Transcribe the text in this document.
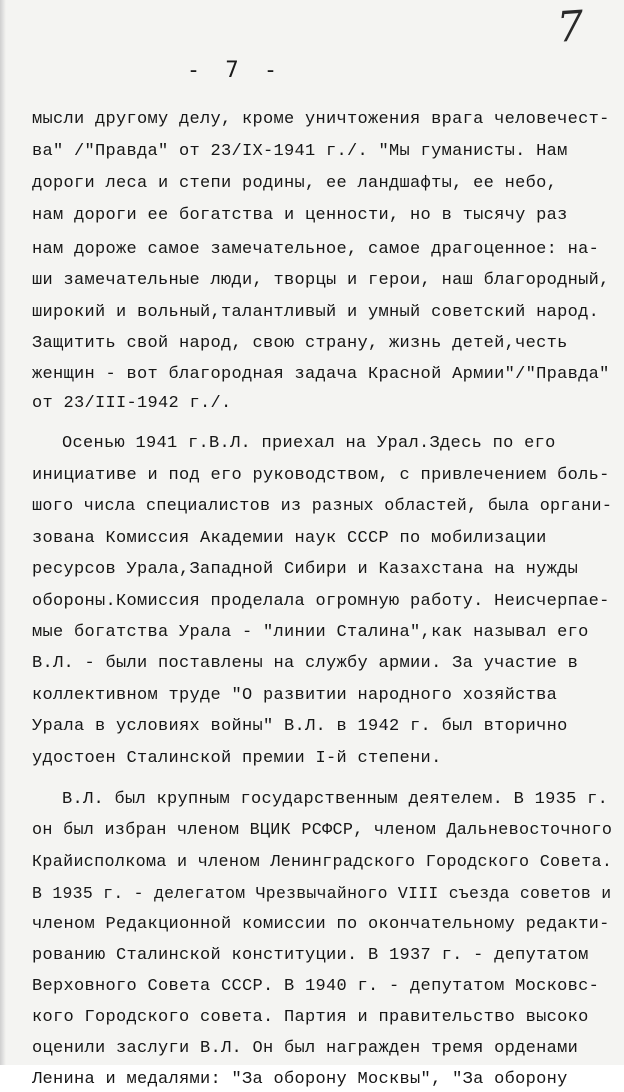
7
- 7 -
мысли другому делу, кроме уничтожения врага человечест-
ва" /"Правда" от 23/IX-1941 г./. "Мы гуманисты. Нам
дороги леса и степи родины, ее ландшафты, ее небо,
нам дороги ее богатства и ценности, но в тысячу раз
нам дороже самое замечательное, самое драгоценное: на-
ши замечательные люди, творцы и герои, наш благородный,
широкий и вольный,талантливый и умный советский народ.
Защитить свой народ, свою страну, жизнь детей,честь
женщин - вот благородная задача Красной Армии"/"Правда"
от 23/III-1942 г./.
Осенью 1941 г.В.Л. приехал на Урал.Здесь по его
инициативе и под его руководством, с привлечением боль-
шого числа специалистов из разных областей, была органи-
зована Комиссия Академии наук СССР по мобилизации
ресурсов Урала,Западной Сибири и Казахстана на нужды
обороны.Комиссия проделала огромную работу. Неисчерпае-
мые богатства Урала - "линии Сталина",как называл его
В.Л. - были поставлены на службу армии. За участие в
коллективном труде "О развитии народного хозяйства
Урала в условиях войны" В.Л. в 1942 г. был вторично
удостоен Сталинской премии I-й степени.
В.Л. был крупным государственным деятелем. В 1935 г.
он был избран членом ВЦИК РСФСР, членом Дальневосточного
Крайисполкома и членом Ленинградского Городского Совета.
В 1935 г. - делегатом Чрезвычайного VIII съезда советов и
членом Редакционной комиссии по окончательному редакти-
рованию Сталинской конституции. В 1937 г. - депутатом
Верховного Совета СССР. В 1940 г. - депутатом Московс-
кого Городского совета. Партия и правительство высоко
оценили заслуги В.Л. Он был награжден тремя орденами
Ленина и медалями: "За оборону Москвы", "За оборону
